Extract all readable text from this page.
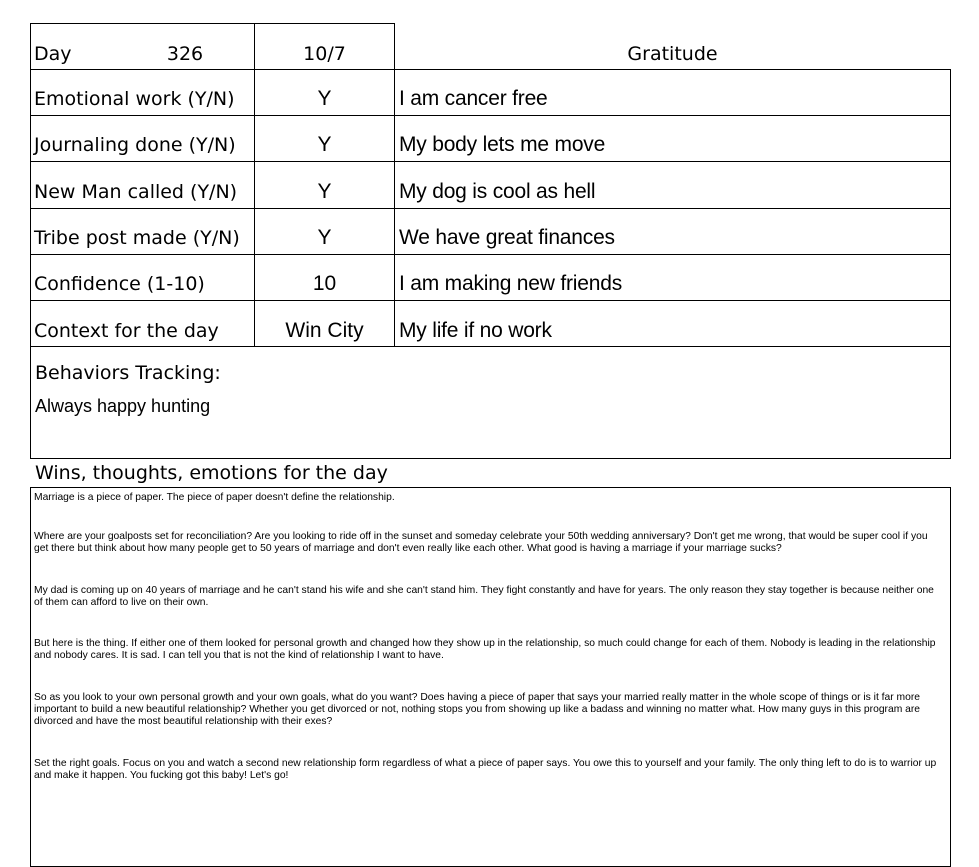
Day	326	10/7	Gratitude
Emotional work (Y/N)	Y	I am cancer free
Journaling done (Y/N)	Y	My body lets me move
New Man called (Y/N)	Y	My dog is cool as hell
Tribe post made (Y/N)	Y	We have great finances
Confidence (1-10)	10	I am making new friends
Context for the day	Win City	My life if no work
Behaviors Tracking:
Always happy hunting
Wins, thoughts, emotions for the day

Marriage is a piece of paper. The piece of paper doesn't define the relationship.

Where are your goalposts set for reconciliation? Are you looking to ride off in the sunset and someday celebrate your 50th wedding anniversary? Don't get me wrong, that would be super cool if you get there but think about how many people get to 50 years of marriage and don't even really like each other. What good is having a marriage if your marriage sucks?

My dad is coming up on 40 years of marriage and he can't stand his wife and she can't stand him. They fight constantly and have for years. The only reason they stay together is because neither one of them can afford to live on their own.

But here is the thing. If either one of them looked for personal growth and changed how they show up in the relationship, so much could change for each of them. Nobody is leading in the relationship and nobody cares. It is sad. I can tell you that is not the kind of relationship I want to have.

So as you look to your own personal growth and your own goals, what do you want? Does having a piece of paper that says your married really matter in the whole scope of things or is it far more important to build a new beautiful relationship? Whether you get divorced or not, nothing stops you from showing up like a badass and winning no matter what. How many guys in this program are divorced and have the most beautiful relationship with their exes?

Set the right goals. Focus on you and watch a second new relationship form regardless of what a piece of paper says. You owe this to yourself and your family. The only thing left to do is to warrior up and make it happen. You fucking got this baby! Let's go!
